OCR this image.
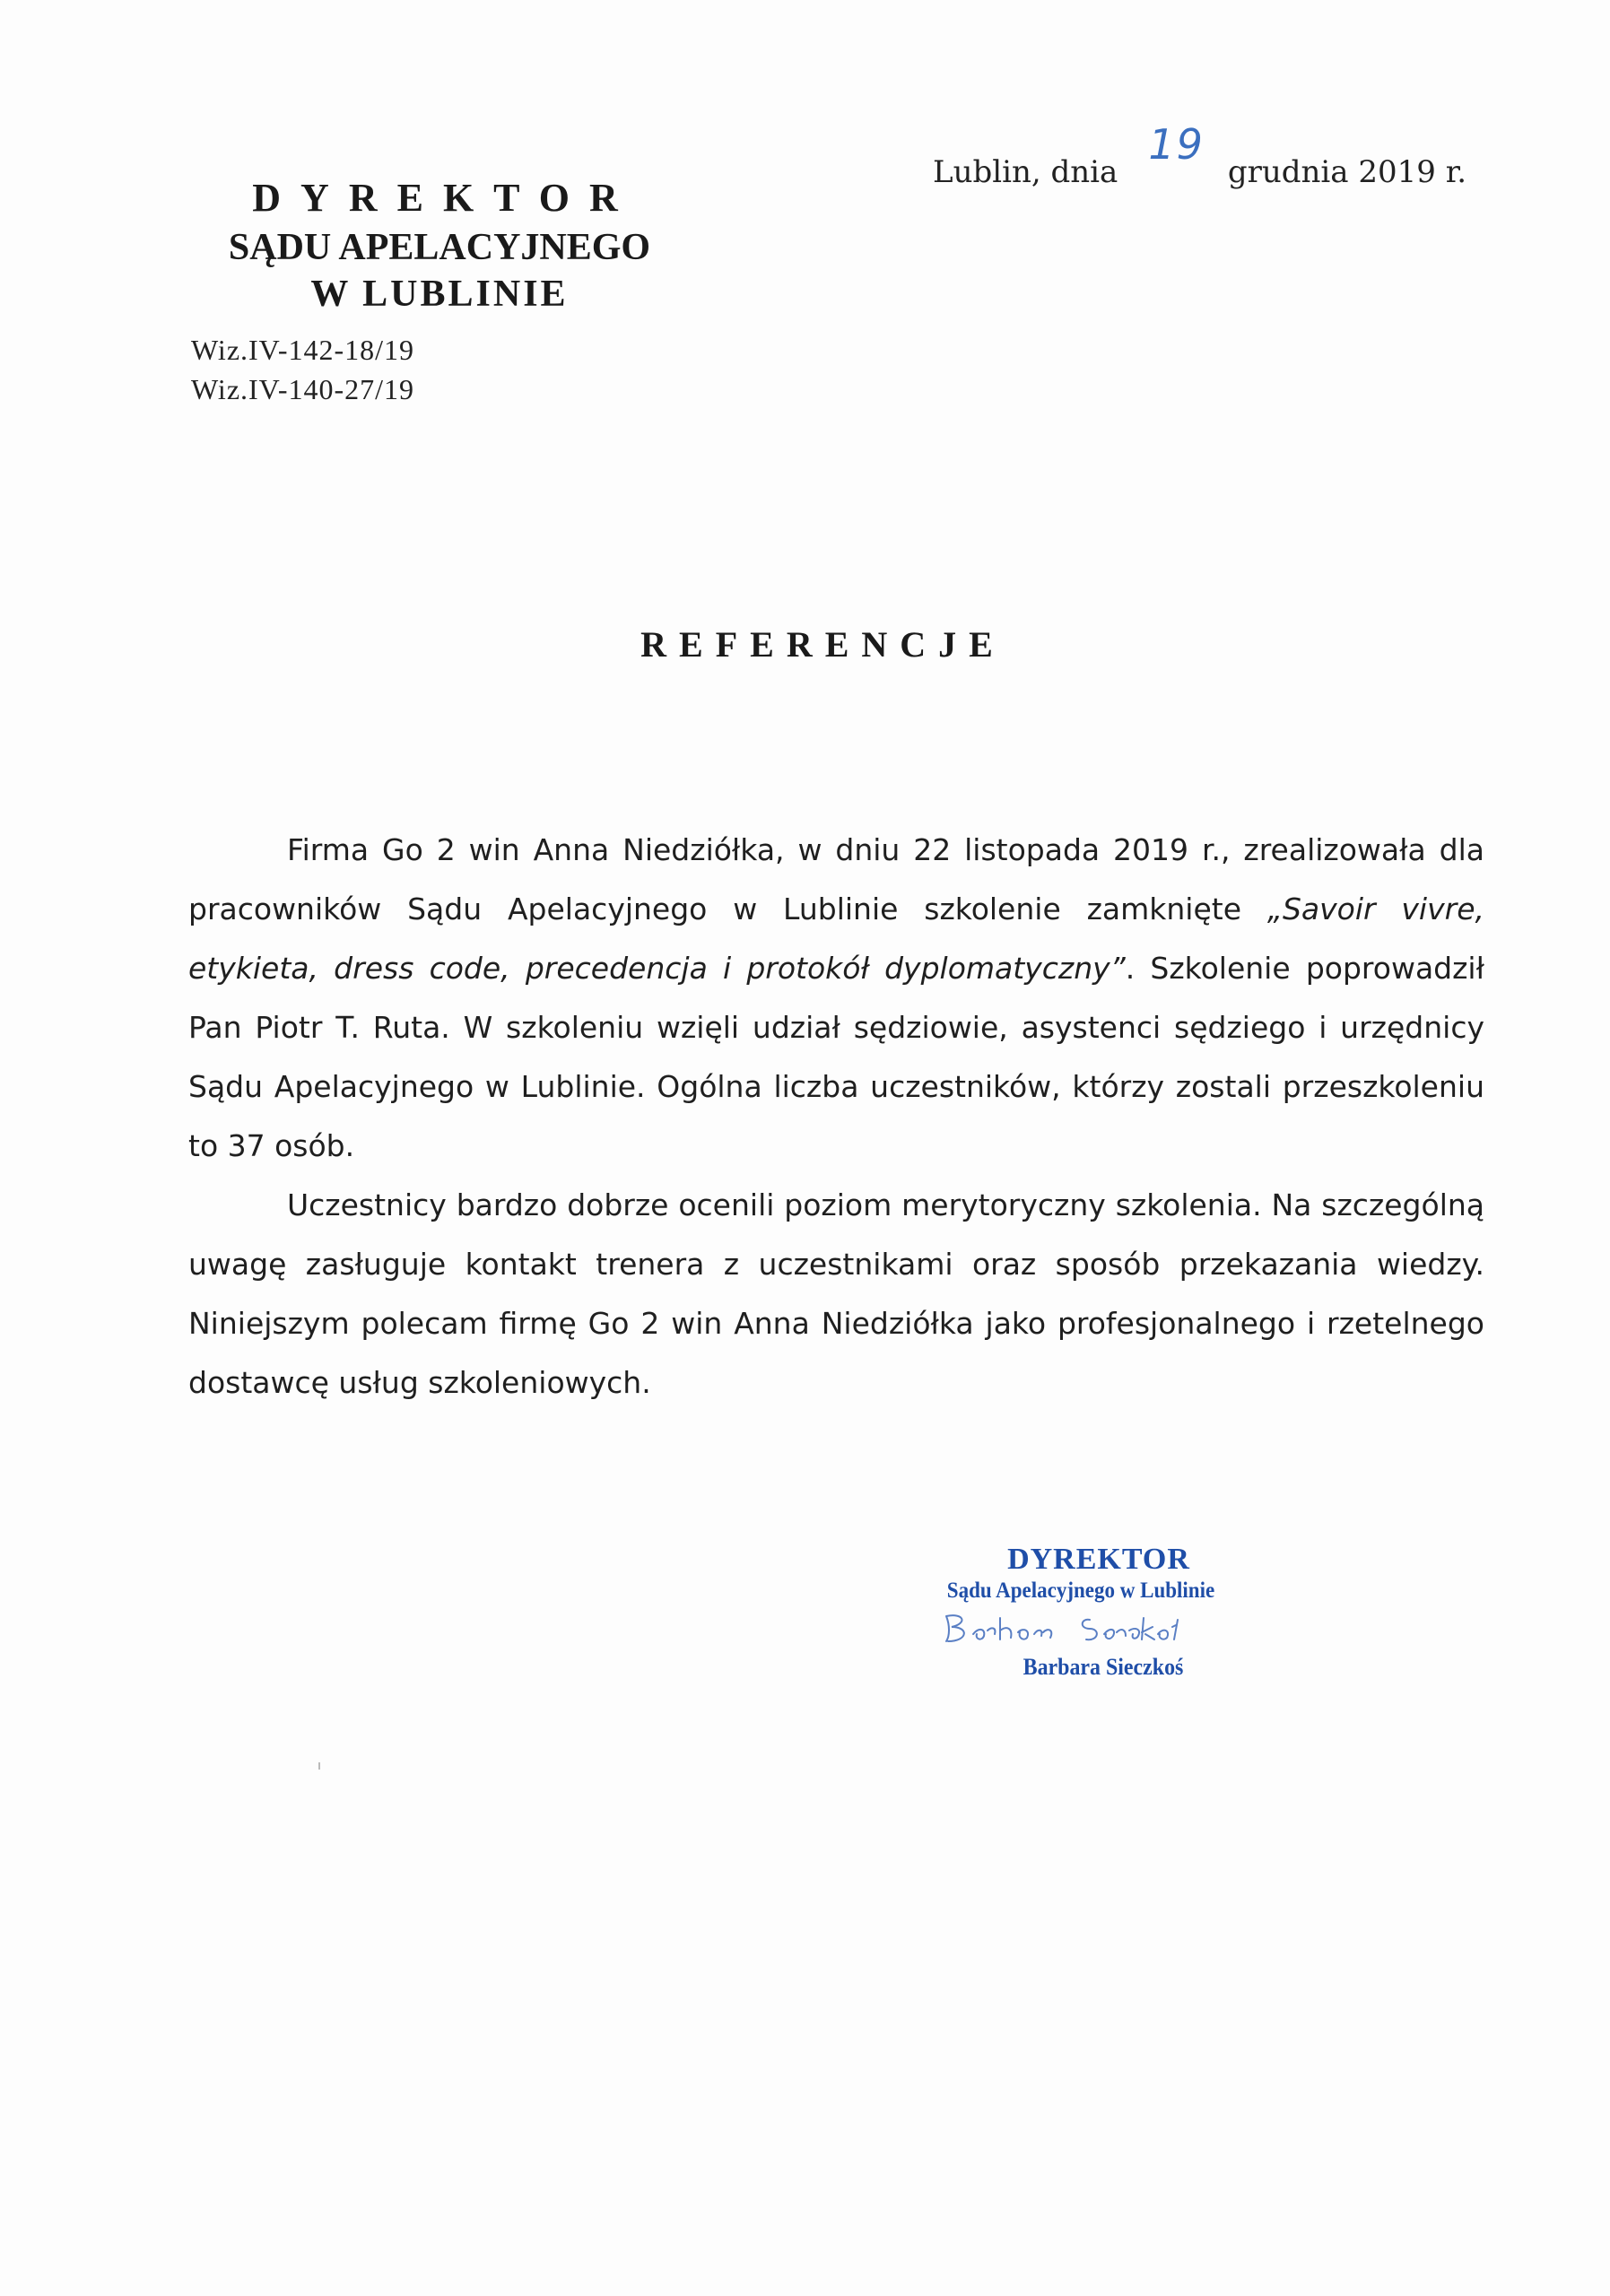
Lublin, dnia19grudnia 2019 r.
DYREKTOR
SĄDU APELACYJNEGO
W LUBLINIE
Wiz.IV-142-18/19
Wiz.IV-140-27/19
REFERENCJE

Firma Go 2 win Anna Niedziółka, w dniu 22 listopada 2019 r., zrealizowała dla pracowników Sądu Apelacyjnego w Lublinie szkolenie zamknięte „Savoir vivre, etykieta, dress code, precedencja i protokół dyplomatyczny”. Szkolenie poprowadził Pan Piotr T. Ruta. W szkoleniu wzięli udział sędziowie, asystenci sędziego i urzędnicy Sądu Apelacyjnego w Lublinie. Ogólna liczba uczestników, którzy zostali przeszkoleniu to 37 osób.

Uczestnicy bardzo dobrze ocenili poziom merytoryczny szkolenia. Na szczególną uwagę zasługuje kontakt trenera z uczestnikami oraz sposób przekazania wiedzy. Niniejszym polecam firmę Go 2 win Anna Niedziółka jako profesjonalnego i rzetelnego dostawcę usług szkoleniowych.

DYREKTOR
Sądu Apelacyjnego w Lublinie
Barbara Sieczkoś
